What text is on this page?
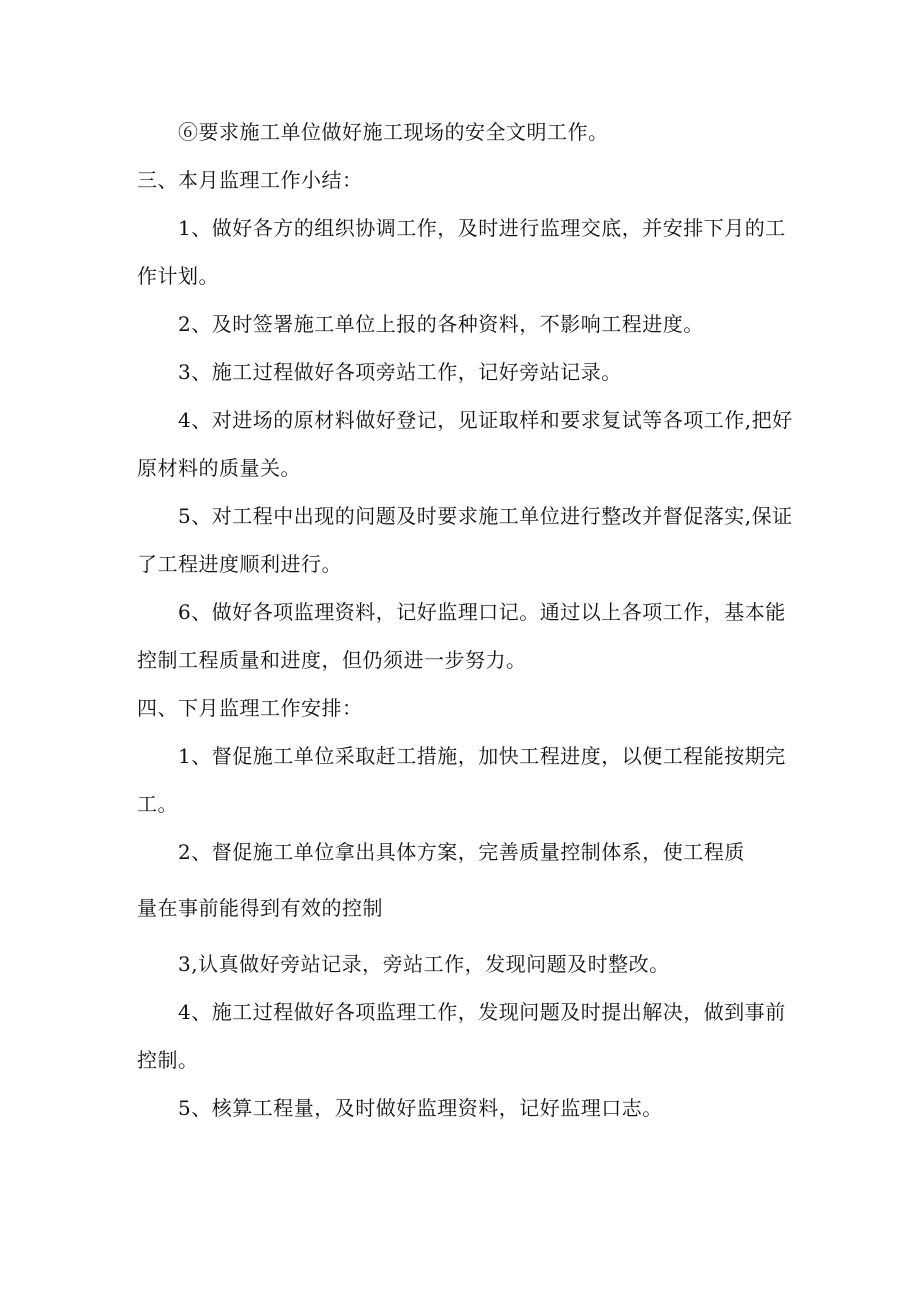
⑥要求施工单位做好施工现场的安全文明工作。
三、本月监理工作小结：
1、做好各方的组织协调工作，及时进行监理交底，并安排下月的工
作计划。
2、及时签署施工单位上报的各种资料，不影响工程进度。
3、施工过程做好各项旁站工作，记好旁站记录。
4、对进场的原材料做好登记，见证取样和要求复试等各项工作,把好
原材料的质量关。
5、对工程中出现的问题及时要求施工单位进行整改并督促落实,保证
了工程进度顺利进行。
6、做好各项监理资料，记好监理口记。通过以上各项工作，基本能
控制工程质量和进度，但仍须进一步努力。
四、下月监理工作安排：
1、督促施工单位采取赶工措施，加快工程进度，以便工程能按期完
工。
2、督促施工单位拿出具体方案，完善质量控制体系，使工程质
量在事前能得到有效的控制
3,认真做好旁站记录，旁站工作，发现问题及时整改。
4、施工过程做好各项监理工作，发现问题及时提出解决，做到事前
控制。
5、核算工程量，及时做好监理资料，记好监理口志。
